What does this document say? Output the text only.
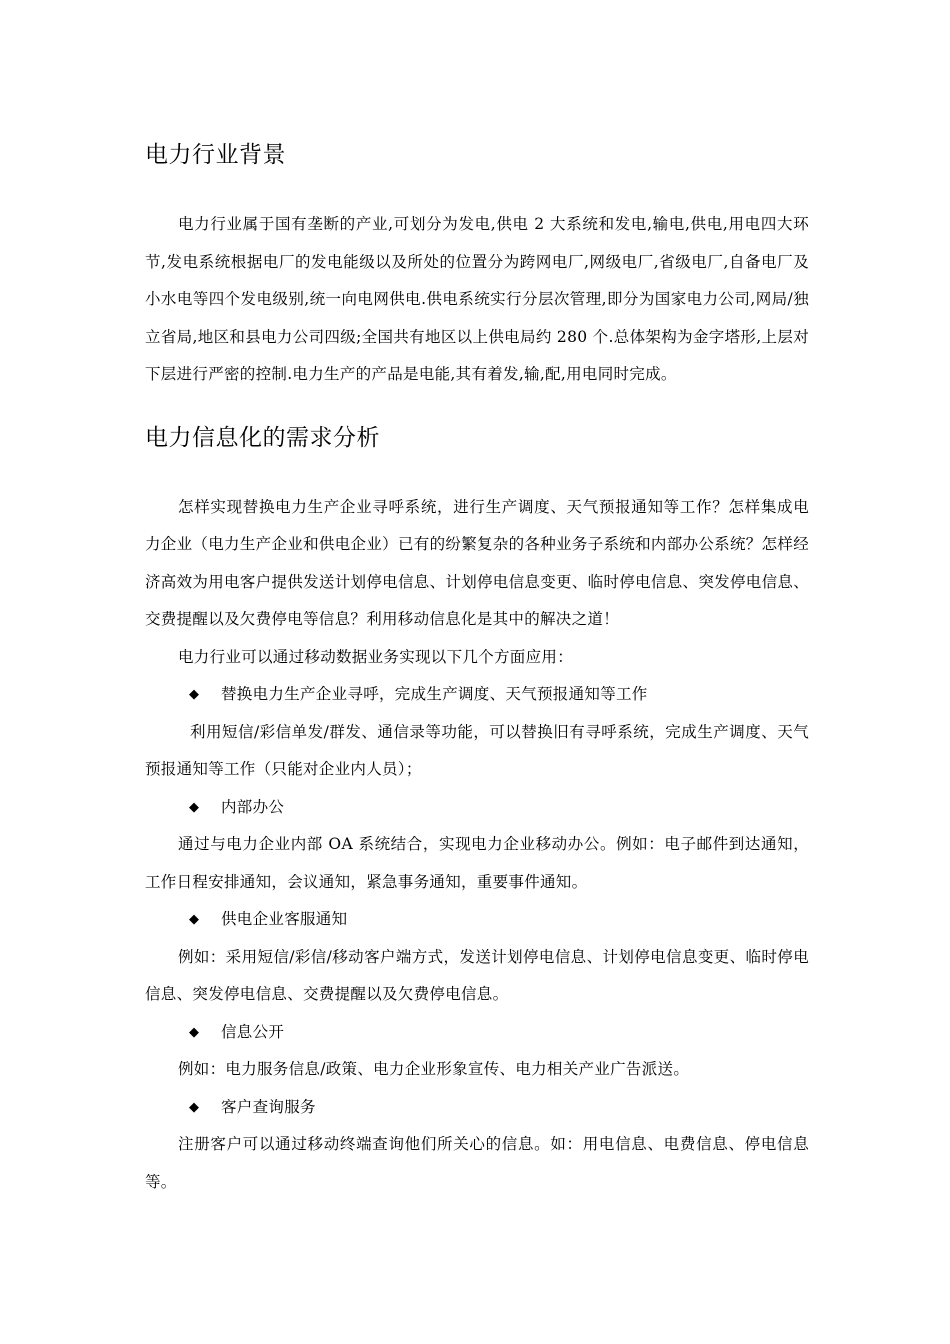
电力行业背景

电力行业属于国有垄断的产业,可划分为发电,供电 2 大系统和发电,输电,供电,用电四大环节,发电系统根据电厂的发电能级以及所处的位置分为跨网电厂,网级电厂,省级电厂,自备电厂及小水电等四个发电级别,统一向电网供电.供电系统实行分层次管理,即分为国家电力公司,网局/独立省局,地区和县电力公司四级;全国共有地区以上供电局约 280 个.总体架构为金字塔形,上层对下层进行严密的控制.电力生产的产品是电能,其有着发,输,配,用电同时完成。

电力信息化的需求分析

怎样实现替换电力生产企业寻呼系统，进行生产调度、天气预报通知等工作？怎样集成电力企业（电力生产企业和供电企业）已有的纷繁复杂的各种业务子系统和内部办公系统？怎样经济高效为用电客户提供发送计划停电信息、计划停电信息变更、临时停电信息、突发停电信息、交费提醒以及欠费停电等信息？利用移动信息化是其中的解决之道！

电力行业可以通过移动数据业务实现以下几个方面应用：

◆	替换电力生产企业寻呼，完成生产调度、天气预报通知等工作

利用短信/彩信单发/群发、通信录等功能，可以替换旧有寻呼系统，完成生产调度、天气预报通知等工作（只能对企业内人员）；

◆	内部办公

通过与电力企业内部 OA 系统结合，实现电力企业移动办公。例如：电子邮件到达通知，工作日程安排通知，会议通知，紧急事务通知，重要事件通知。

◆	供电企业客服通知

例如：采用短信/彩信/移动客户端方式，发送计划停电信息、计划停电信息变更、临时停电信息、突发停电信息、交费提醒以及欠费停电信息。

◆	信息公开

例如：电力服务信息/政策、电力企业形象宣传、电力相关产业广告派送。

◆	客户查询服务

注册客户可以通过移动终端查询他们所关心的信息。如：用电信息、电费信息、停电信息等。
